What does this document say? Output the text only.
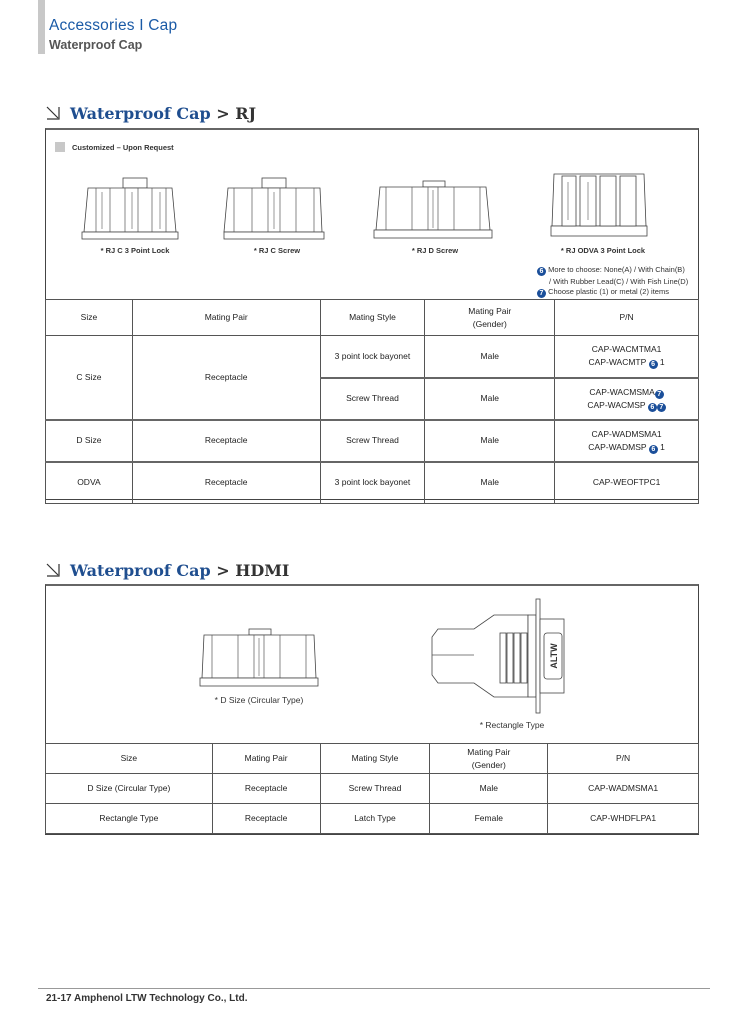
Accessories I Cap
Waterproof Cap
Waterproof Cap > RJ
Customized – Upon Request
* RJ C 3 Point Lock	* RJ C Screw	* RJ D Screw	* RJ ODVA 3 Point Lock
6 More to choose: None(A) / With Chain(B)
/ With Rubber Lead(C) / With Fish Line(D)
7 Choose plastic (1) or metal (2) items
Size	Mating Pair	Mating Style	Mating Pair
(Gender)	P/N
C Size	Receptacle	3 point lock bayonet	Male	CAP-WACMTMA1
CAP-WACMTP 6 1
		Screw Thread	Male	CAP-WACMSMA 7
CAP-WACMSP 6 7
D Size	Receptacle	Screw Thread	Male	CAP-WADMSMA1
CAP-WADMSP 6 1
ODVA	Receptacle	3 point lock bayonet	Male	CAP-WEOFTPC1
Waterproof Cap > HDMI
* D Size (Circular Type)
ALTW
* Rectangle Type
Size	Mating Pair	Mating Style	Mating Pair
(Gender)	P/N
D Size (Circular Type)	Receptacle	Screw Thread	Male	CAP-WADMSMA1
Rectangle Type	Receptacle	Latch Type	Female	CAP-WHDFLPA1
21-17 Amphenol LTW Technology Co., Ltd.
